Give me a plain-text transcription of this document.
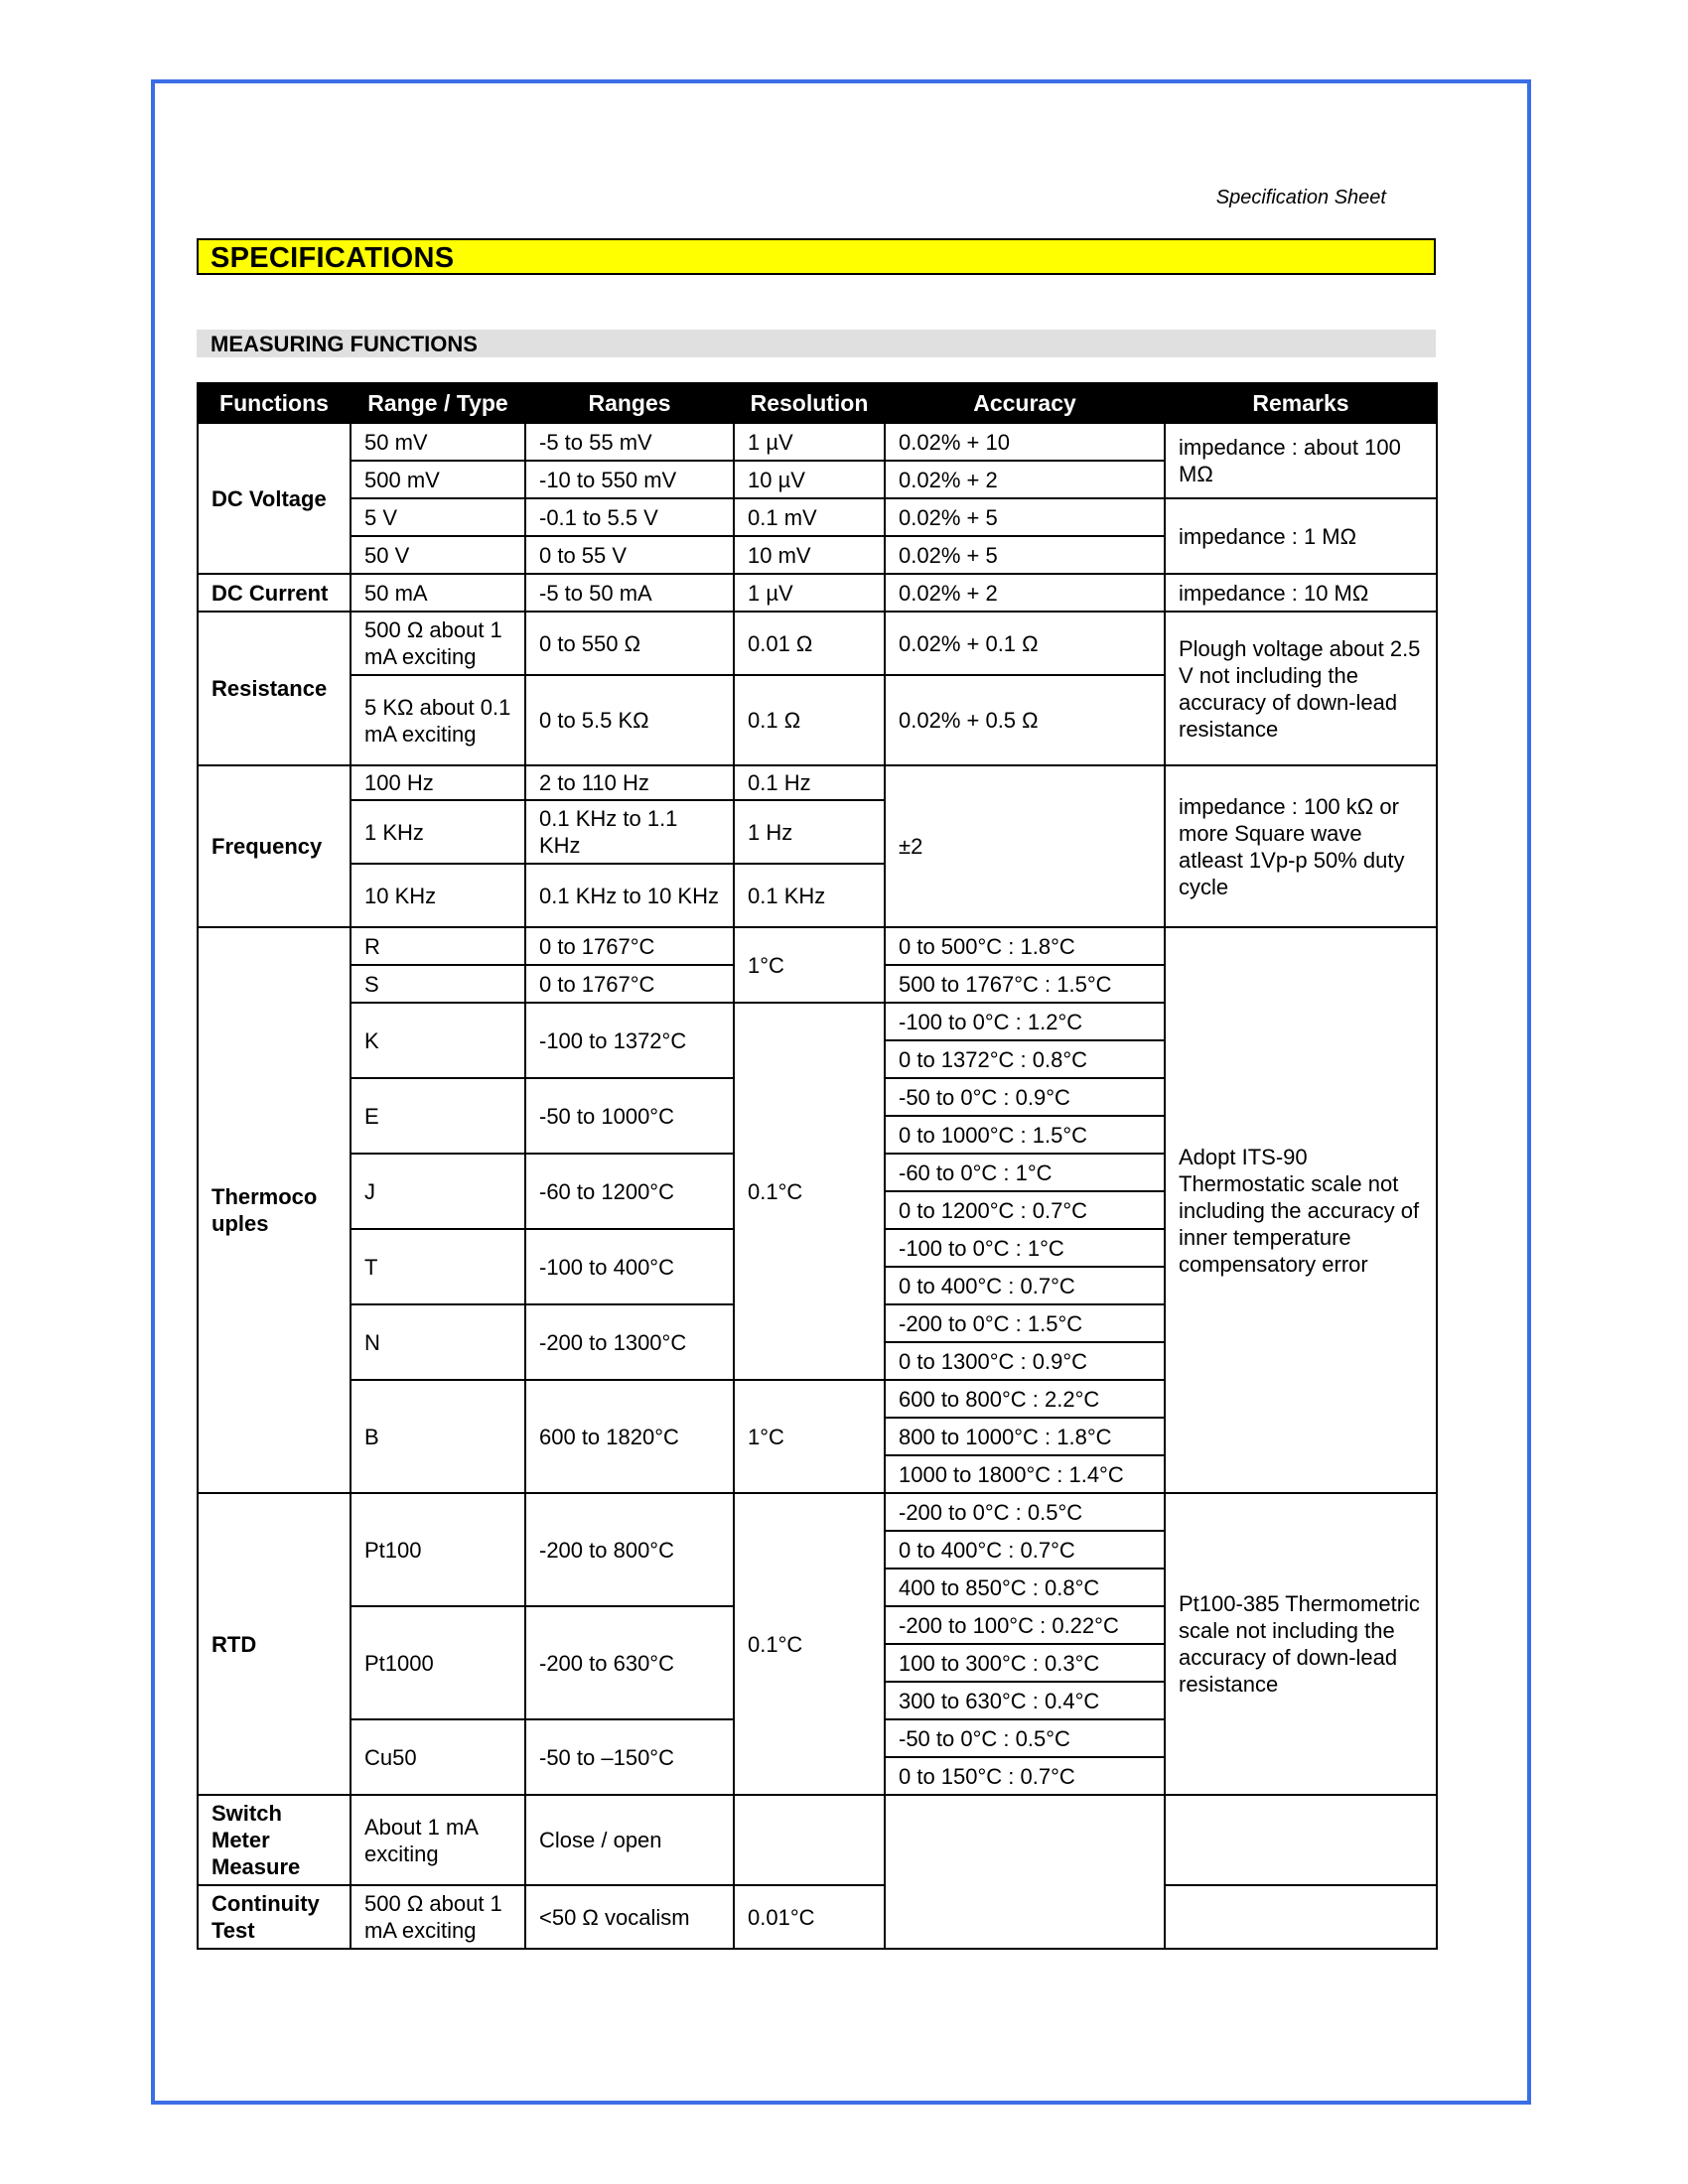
Specification Sheet
SPECIFICATIONS
MEASURING FUNCTIONS
Functions	Range / Type	Ranges	Resolution	Accuracy	Remarks
DC Voltage	50 mV	-5 to 55 mV	1 µV	0.02% + 10	impedance : about 100 MΩ
	500 mV	-10 to 550 mV	10 µV	0.02% + 2	
	5 V	-0.1 to 5.5 V	0.1 mV	0.02% + 5	impedance : 1 MΩ
	50 V	0 to 55 V	10 mV	0.02% + 5	
DC Current	50 mA	-5 to 50 mA	1 µV	0.02% + 2	impedance : 10 MΩ
Resistance	500 Ω about 1 mA exciting	0 to 550 Ω	0.01 Ω	0.02% + 0.1 Ω	Plough voltage about 2.5 V not including the accuracy of down-lead resistance
	5 KΩ about 0.1 mA exciting	0 to 5.5 KΩ	0.1 Ω	0.02% + 0.5 Ω	
Frequency	100 Hz	2 to 110 Hz	0.1 Hz	±2	impedance : 100 kΩ or more Square wave atleast 1Vp-p 50% duty cycle
	1 KHz	0.1 KHz to 1.1 KHz	1 Hz		
	10 KHz	0.1 KHz to 10 KHz	0.1 KHz		
Thermoco uples	R	0 to 1767°C	1°C	0 to 500°C : 1.8°C	Adopt ITS-90 Thermostatic scale not including the accuracy of inner temperature compensatory error
	S	0 to 1767°C		500 to 1767°C : 1.5°C	
	K	-100 to 1372°C	0.1°C	-100 to 0°C : 1.2°C	
				0 to 1372°C : 0.8°C	
	E	-50 to 1000°C		-50 to 0°C : 0.9°C	
				0 to 1000°C : 1.5°C	
	J	-60 to 1200°C		-60 to 0°C : 1°C	
				0 to 1200°C : 0.7°C	
	T	-100 to 400°C		-100 to 0°C : 1°C	
				0 to 400°C : 0.7°C	
	N	-200 to 1300°C		-200 to 0°C : 1.5°C	
				0 to 1300°C : 0.9°C	
	B	600 to 1820°C	1°C	600 to 800°C : 2.2°C	
				800 to 1000°C : 1.8°C	
				1000 to 1800°C : 1.4°C	
RTD	Pt100	-200 to 800°C	0.1°C	-200 to 0°C : 0.5°C	Pt100-385 Thermometric scale not including the accuracy of down-lead resistance
				0 to 400°C : 0.7°C	
				400 to 850°C : 0.8°C	
	Pt1000	-200 to 630°C		-200 to 100°C : 0.22°C	
				100 to 300°C : 0.3°C	
				300 to 630°C : 0.4°C	
	Cu50	-50 to –150°C		-50 to 0°C : 0.5°C	
				0 to 150°C : 0.7°C	
Switch Meter Measure	About 1 mA exciting	Close / open			
Continuity Test	500 Ω about 1 mA exciting	<50 Ω vocalism	0.01°C		
